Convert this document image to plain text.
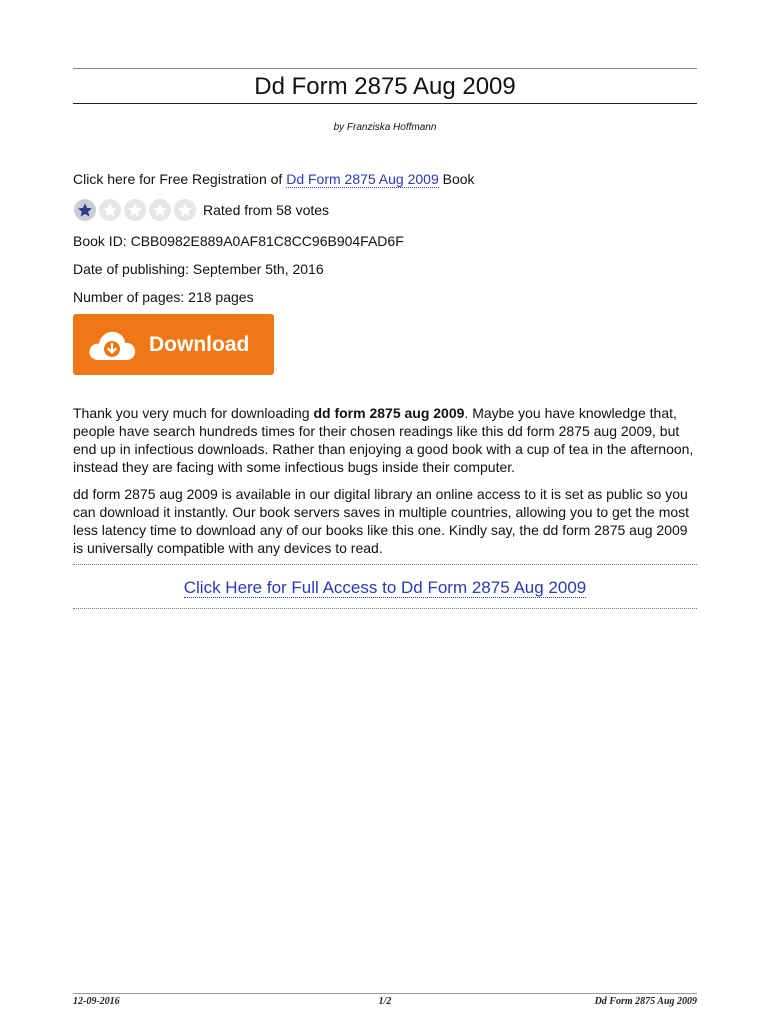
Dd Form 2875 Aug 2009
by Franziska Hoffmann
Click here for Free Registration of Dd Form 2875 Aug 2009 Book
Rated from 58 votes
Book ID: CBB0982E889A0AF81C8CC96B904FAD6F
Date of publishing: September 5th, 2016
Number of pages: 218 pages
Download
Thank you very much for downloading dd form 2875 aug 2009. Maybe you have knowledge that, people have search hundreds times for their chosen readings like this dd form 2875 aug 2009, but end up in infectious downloads. Rather than enjoying a good book with a cup of tea in the afternoon, instead they are facing with some infectious bugs inside their computer.
dd form 2875 aug 2009 is available in our digital library an online access to it is set as public so you can download it instantly. Our book servers saves in multiple countries, allowing you to get the most less latency time to download any of our books like this one. Kindly say, the dd form 2875 aug 2009 is universally compatible with any devices to read.
Click Here for Full Access to Dd Form 2875 Aug 2009
12-09-2016	1/2	Dd Form 2875 Aug 2009
